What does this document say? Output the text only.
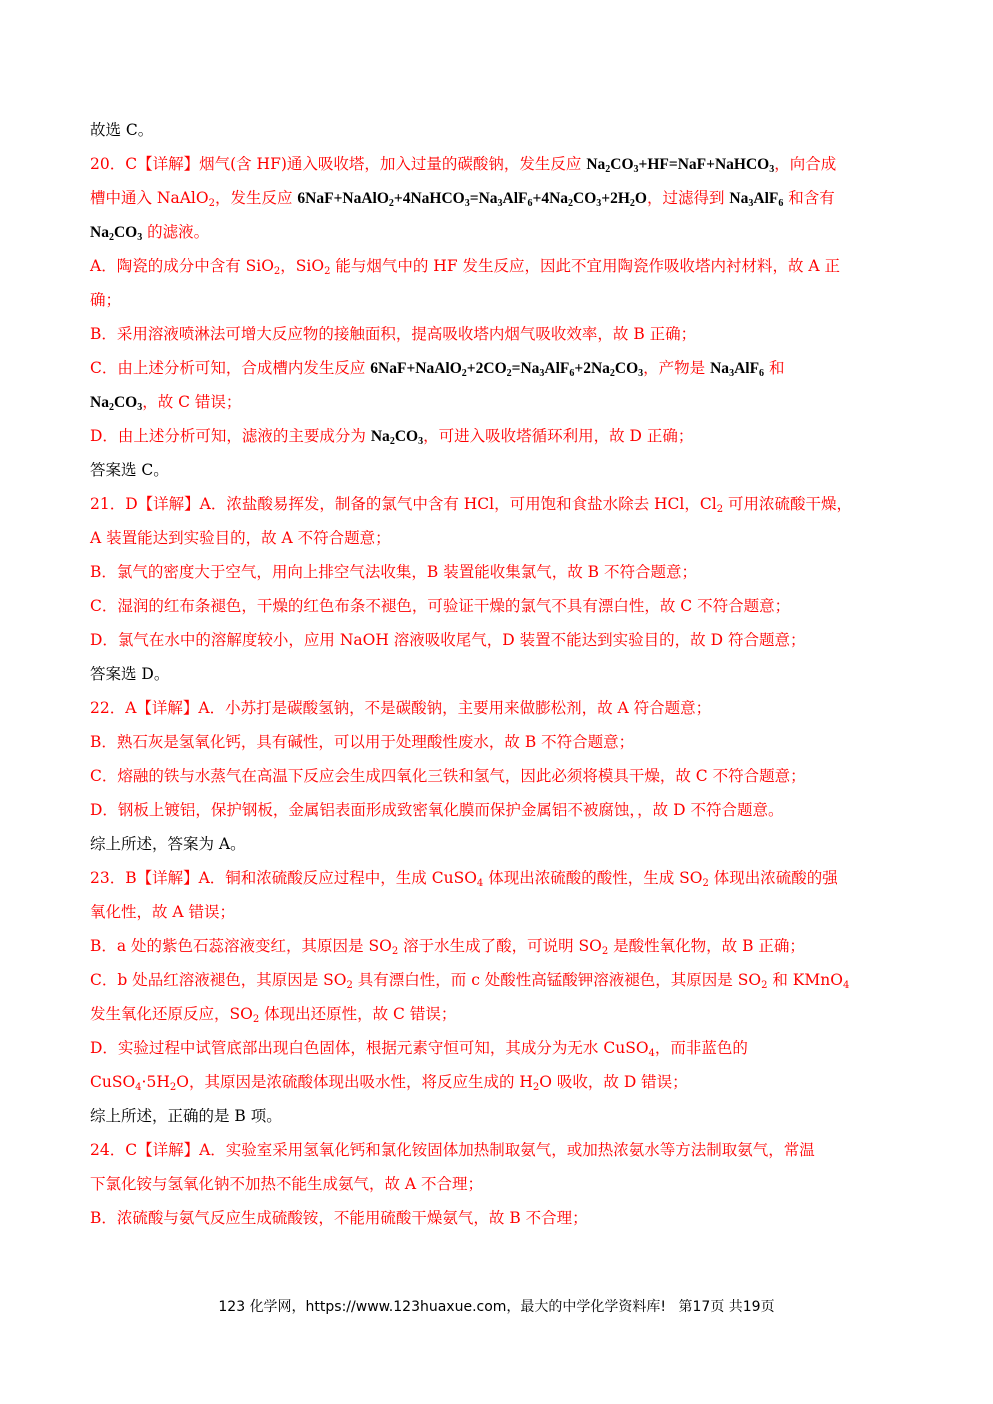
故选 C。
20．C【详解】烟气(含 HF)通入吸收塔，加入过量的碳酸钠，发生反应 $Na_2CO_3+HF=NaF+NaHCO_3$，向合成
槽中通入 NaAlO$_2$，发生反应 $6NaF+NaAlO_2+4NaHCO_3=Na_3AlF_6+4Na_2CO_3+2H_2O$，过滤得到 $Na_3AlF_6$ 和含有
$Na_2CO_3$ 的滤液。
A．陶瓷的成分中含有 SiO$_2$，SiO$_2$ 能与烟气中的 HF 发生反应，因此不宜用陶瓷作吸收塔内衬材料，故 A 正
确；
B．采用溶液喷淋法可增大反应物的接触面积，提高吸收塔内烟气吸收效率，故 B 正确；
C．由上述分析可知，合成槽内发生反应 $6NaF+NaAlO_2+2CO_2=Na_3AlF_6+2Na_2CO_3$，产物是 $Na_3AlF_6$ 和
$Na_2CO_3$，故 C 错误；
D．由上述分析可知，滤液的主要成分为 $Na_2CO_3$，可进入吸收塔循环利用，故 D 正确；
答案选 C。
21．D【详解】A．浓盐酸易挥发，制备的氯气中含有 HCl，可用饱和食盐水除去 HCl，$Cl_2$ 可用浓硫酸干燥，
A 装置能达到实验目的，故 A 不符合题意；
B．氯气的密度大于空气，用向上排空气法收集，B 装置能收集氯气，故 B 不符合题意；
C．湿润的红布条褪色，干燥的红色布条不褪色，可验证干燥的氯气不具有漂白性，故 C 不符合题意；
D．氯气在水中的溶解度较小，应用 NaOH 溶液吸收尾气，D 装置不能达到实验目的，故 D 符合题意；
答案选 D。
22．A【详解】A．小苏打是碳酸氢钠，不是碳酸钠，主要用来做膨松剂，故 A 符合题意；
B．熟石灰是氢氧化钙，具有碱性，可以用于处理酸性废水，故 B 不符合题意；
C．熔融的铁与水蒸气在高温下反应会生成四氧化三铁和氢气，因此必须将模具干燥，故 C 不符合题意；
D．钢板上镀铝，保护钢板，金属铝表面形成致密氧化膜而保护金属铝不被腐蚀，，故 D 不符合题意。
综上所述，答案为 A。
23．B【详解】A．铜和浓硫酸反应过程中，生成 CuSO$_4$ 体现出浓硫酸的酸性，生成 $SO_2$ 体现出浓硫酸的强
氧化性，故 A 错误；
B．a 处的紫色石蕊溶液变红，其原因是 $SO_2$ 溶于水生成了酸，可说明 $SO_2$ 是酸性氧化物，故 B 正确；
C．b 处品红溶液褪色，其原因是 $SO_2$ 具有漂白性，而 c 处酸性高锰酸钾溶液褪色，其原因是 $SO_2$ 和 KMnO$_4$
发生氧化还原反应，$SO_2$ 体现出还原性，故 C 错误；
D．实验过程中试管底部出现白色固体，根据元素守恒可知，其成分为无水 CuSO$_4$，而非蓝色的
$CuSO_4\cdot 5H_2O$，其原因是浓硫酸体现出吸水性，将反应生成的 $H_2O$ 吸收，故 D 错误；
综上所述，正确的是 B 项。
24．C【详解】A．实验室采用氢氧化钙和氯化铵固体加热制取氨气，或加热浓氨水等方法制取氨气，常温
下氯化铵与氢氧化钠不加热不能生成氨气，故 A 不合理；
B．浓硫酸与氨气反应生成硫酸铵，不能用硫酸干燥氨气，故 B 不合理；
123 化学网，https://www.123huaxue.com，最大的中学化学资料库! 第17页 共19页
